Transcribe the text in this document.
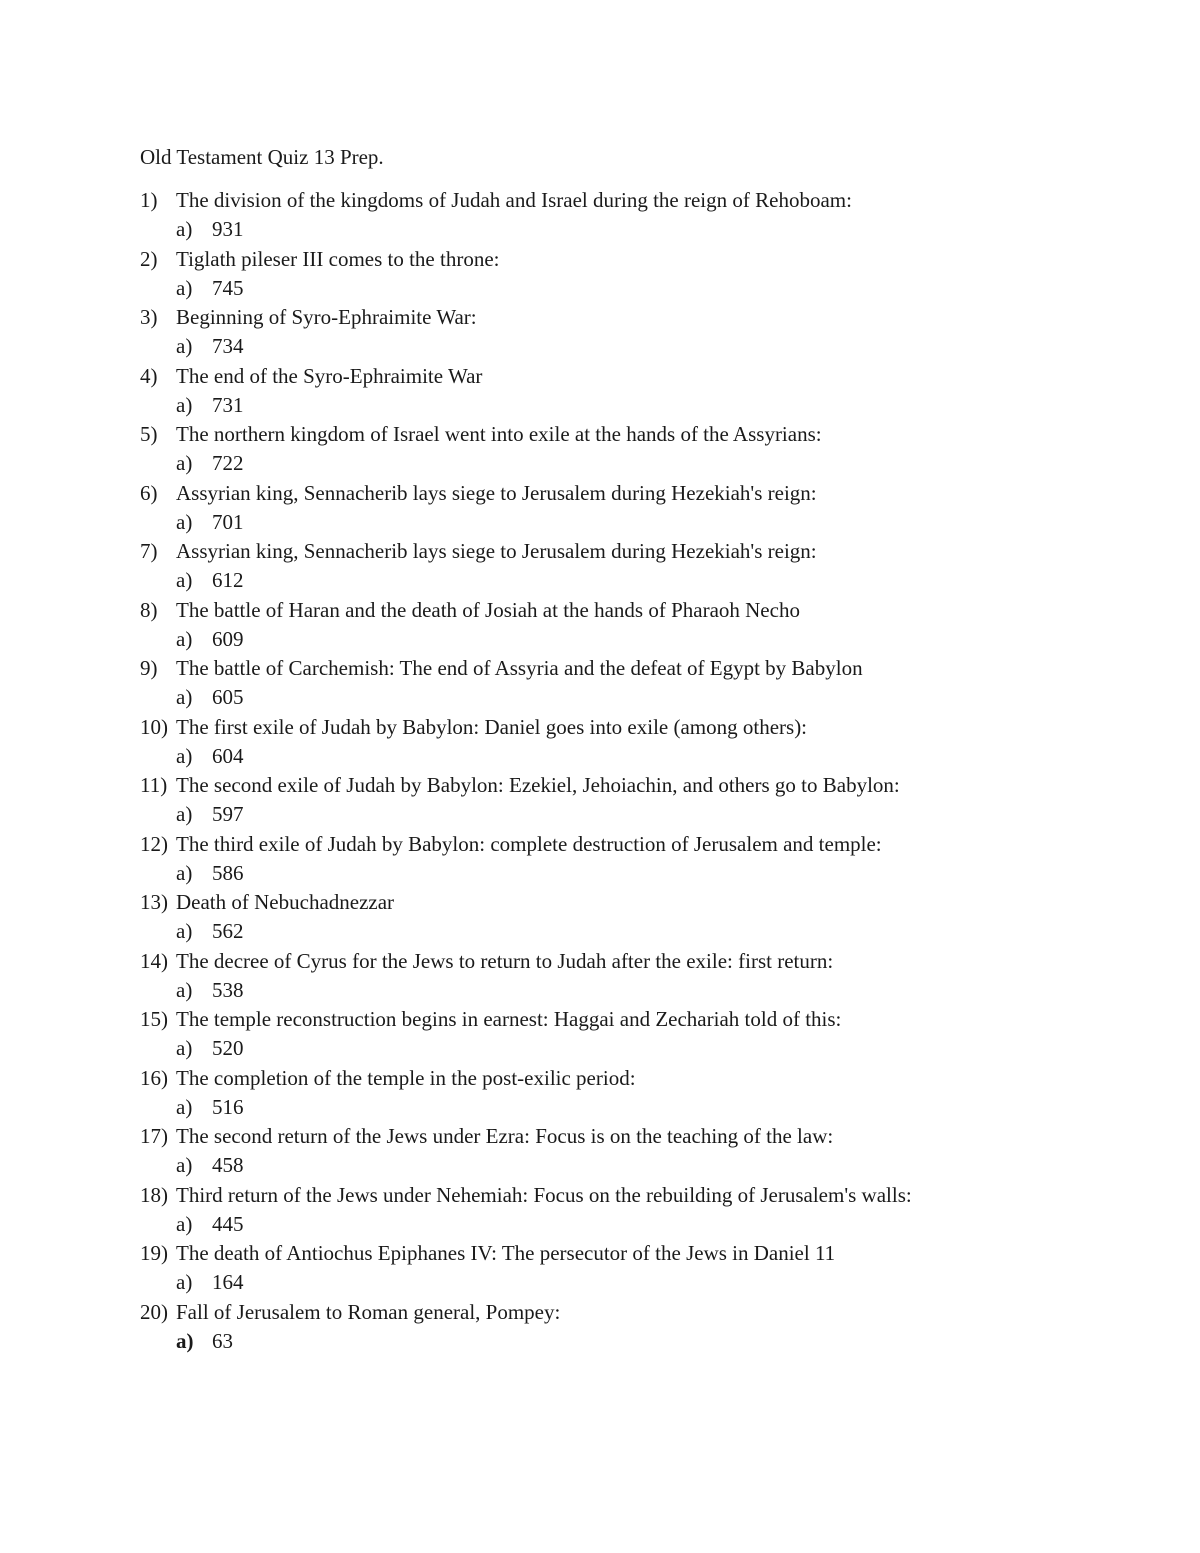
Old Testament Quiz 13 Prep.
1) The division of the kingdoms of Judah and Israel during the reign of Rehoboam:
a) 931
2) Tiglath pileser III comes to the throne:
a) 745
3) Beginning of Syro-Ephraimite War:
a) 734
4) The end of the Syro-Ephraimite War
a) 731
5) The northern kingdom of Israel went into exile at the hands of the Assyrians:
a) 722
6) Assyrian king, Sennacherib lays siege to Jerusalem during Hezekiah's reign:
a) 701
7) Assyrian king, Sennacherib lays siege to Jerusalem during Hezekiah's reign:
a) 612
8) The battle of Haran and the death of Josiah at the hands of Pharaoh Necho
a) 609
9) The battle of Carchemish: The end of Assyria and the defeat of Egypt by Babylon
a) 605
10) The first exile of Judah by Babylon: Daniel goes into exile (among others):
a) 604
11) The second exile of Judah by Babylon: Ezekiel, Jehoiachin, and others go to Babylon:
a) 597
12) The third exile of Judah by Babylon: complete destruction of Jerusalem and temple:
a) 586
13) Death of Nebuchadnezzar
a) 562
14) The decree of Cyrus for the Jews to return to Judah after the exile: first return:
a) 538
15) The temple reconstruction begins in earnest: Haggai and Zechariah told of this:
a) 520
16) The completion of the temple in the post-exilic period:
a) 516
17) The second return of the Jews under Ezra: Focus is on the teaching of the law:
a) 458
18) Third return of the Jews under Nehemiah: Focus on the rebuilding of Jerusalem's walls:
a) 445
19) The death of Antiochus Epiphanes IV: The persecutor of the Jews in Daniel 11
a) 164
20) Fall of Jerusalem to Roman general, Pompey:
a) 63
